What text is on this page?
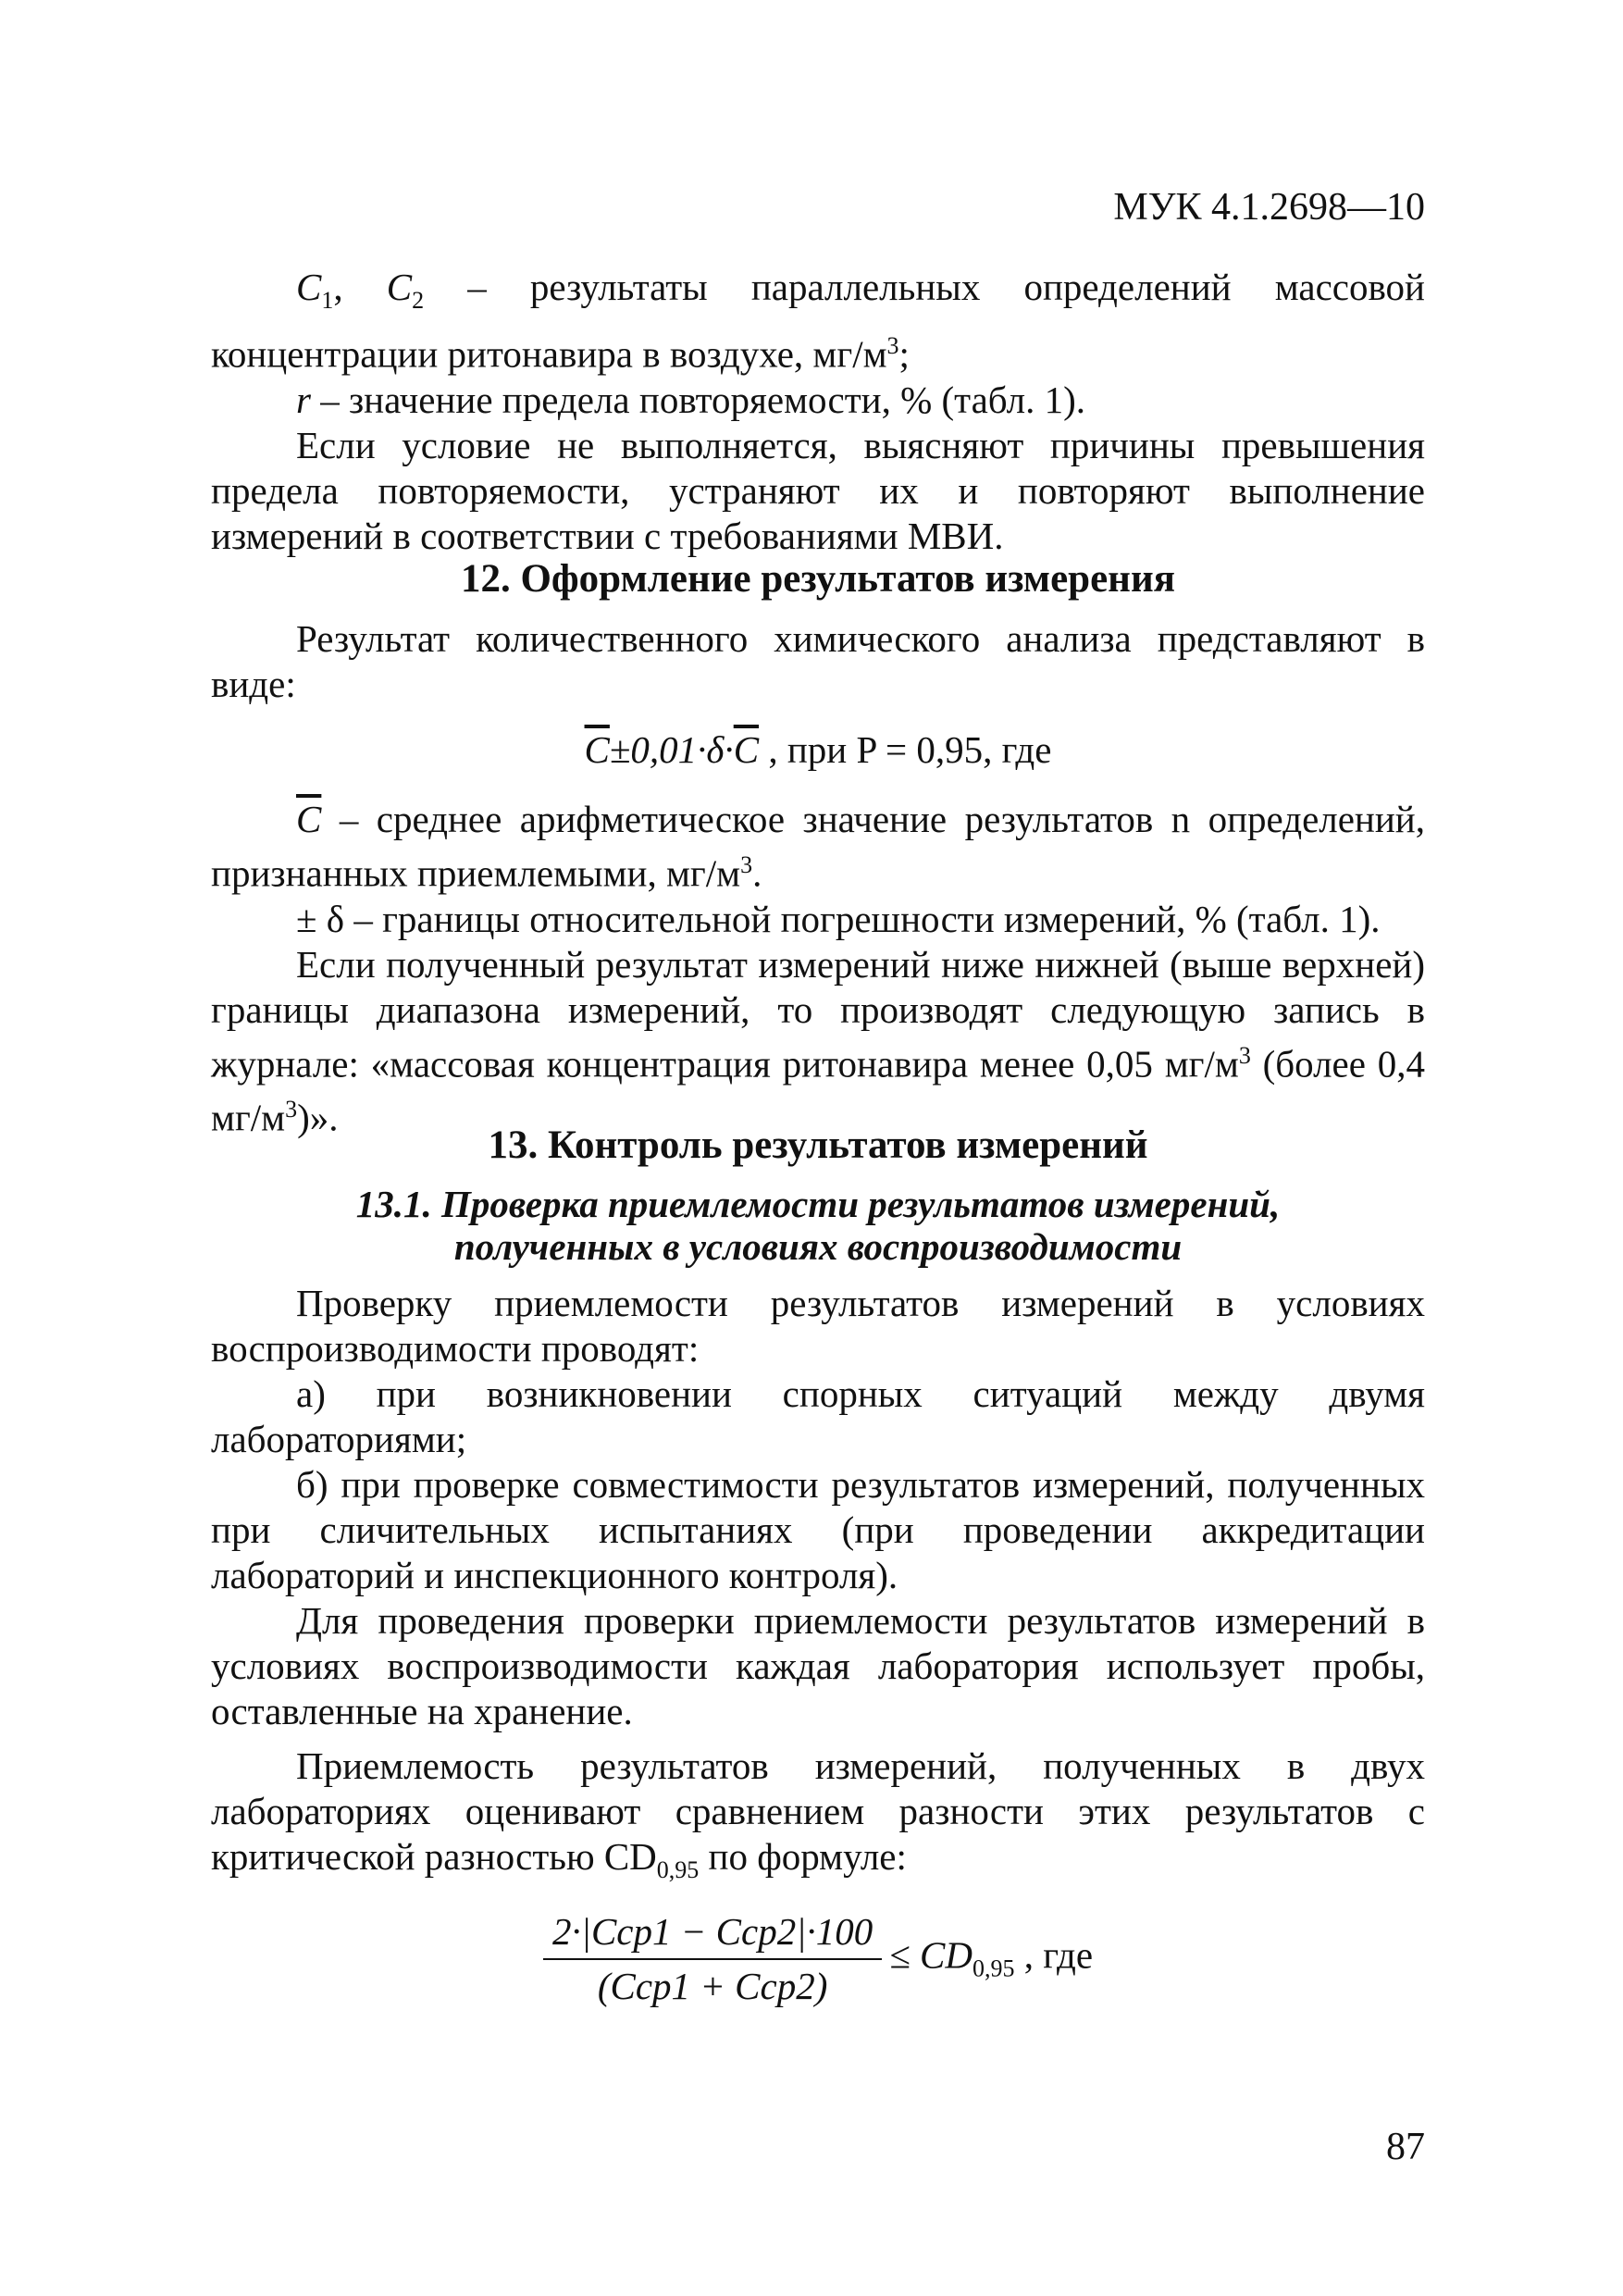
МУК 4.1.2698—10

$C_1$, $C_2$ – результаты параллельных определений массовой концентрации ритонавира в воздухе, $мг/м^3$;

r – значение предела повторяемости, % (табл. 1).

Если условие не выполняется, выясняют причины превышения предела повторяемости, устраняют их и повторяют выполнение измерений в соответствии с требованиями МВИ.

12. Оформление результатов измерения

Результат количественного химического анализа представляют в виде:

$\overline{C}\pm 0,01\cdot\delta\cdot\overline{C}$ , при P = 0,95, где

$\overline{C}$ – среднее арифметическое значение результатов n определений, признанных приемлемыми, $мг/м^3$.

± δ – границы относительной погрешности измерений, % (табл. 1).

Если полученный результат измерений ниже нижней (выше верхней) границы диапазона измерений, то производят следующую запись в журнале: «массовая концентрация ритонавира менее 0,05 $мг/м^3$ (более 0,4 $мг/м^3$)».

13. Контроль результатов измерений

13.1. Проверка приемлемости результатов измерений,

полученных в условиях воспроизводимости

Проверку приемлемости результатов измерений в условиях воспроизводимости проводят:

а) при возникновении спорных ситуаций между двумя лабораториями;

б) при проверке совместимости результатов измерений, полученных при сличительных испытаниях (при проведении аккредитации лабораторий и инспекционного контроля).

Для проведения проверки приемлемости результатов измерений в условиях воспроизводимости каждая лаборатория использует пробы, оставленные на хранение.

Приемлемость результатов измерений, полученных в двух лабораториях оценивают сравнением разности этих результатов с критической разностью $CD_{0,95}$ по формуле:

$\frac{\text{2·|Cср1 − Cср2|·100}}{\text{(Cср1 + Cср2)}} \le CD_{0,95}$ , где

87
